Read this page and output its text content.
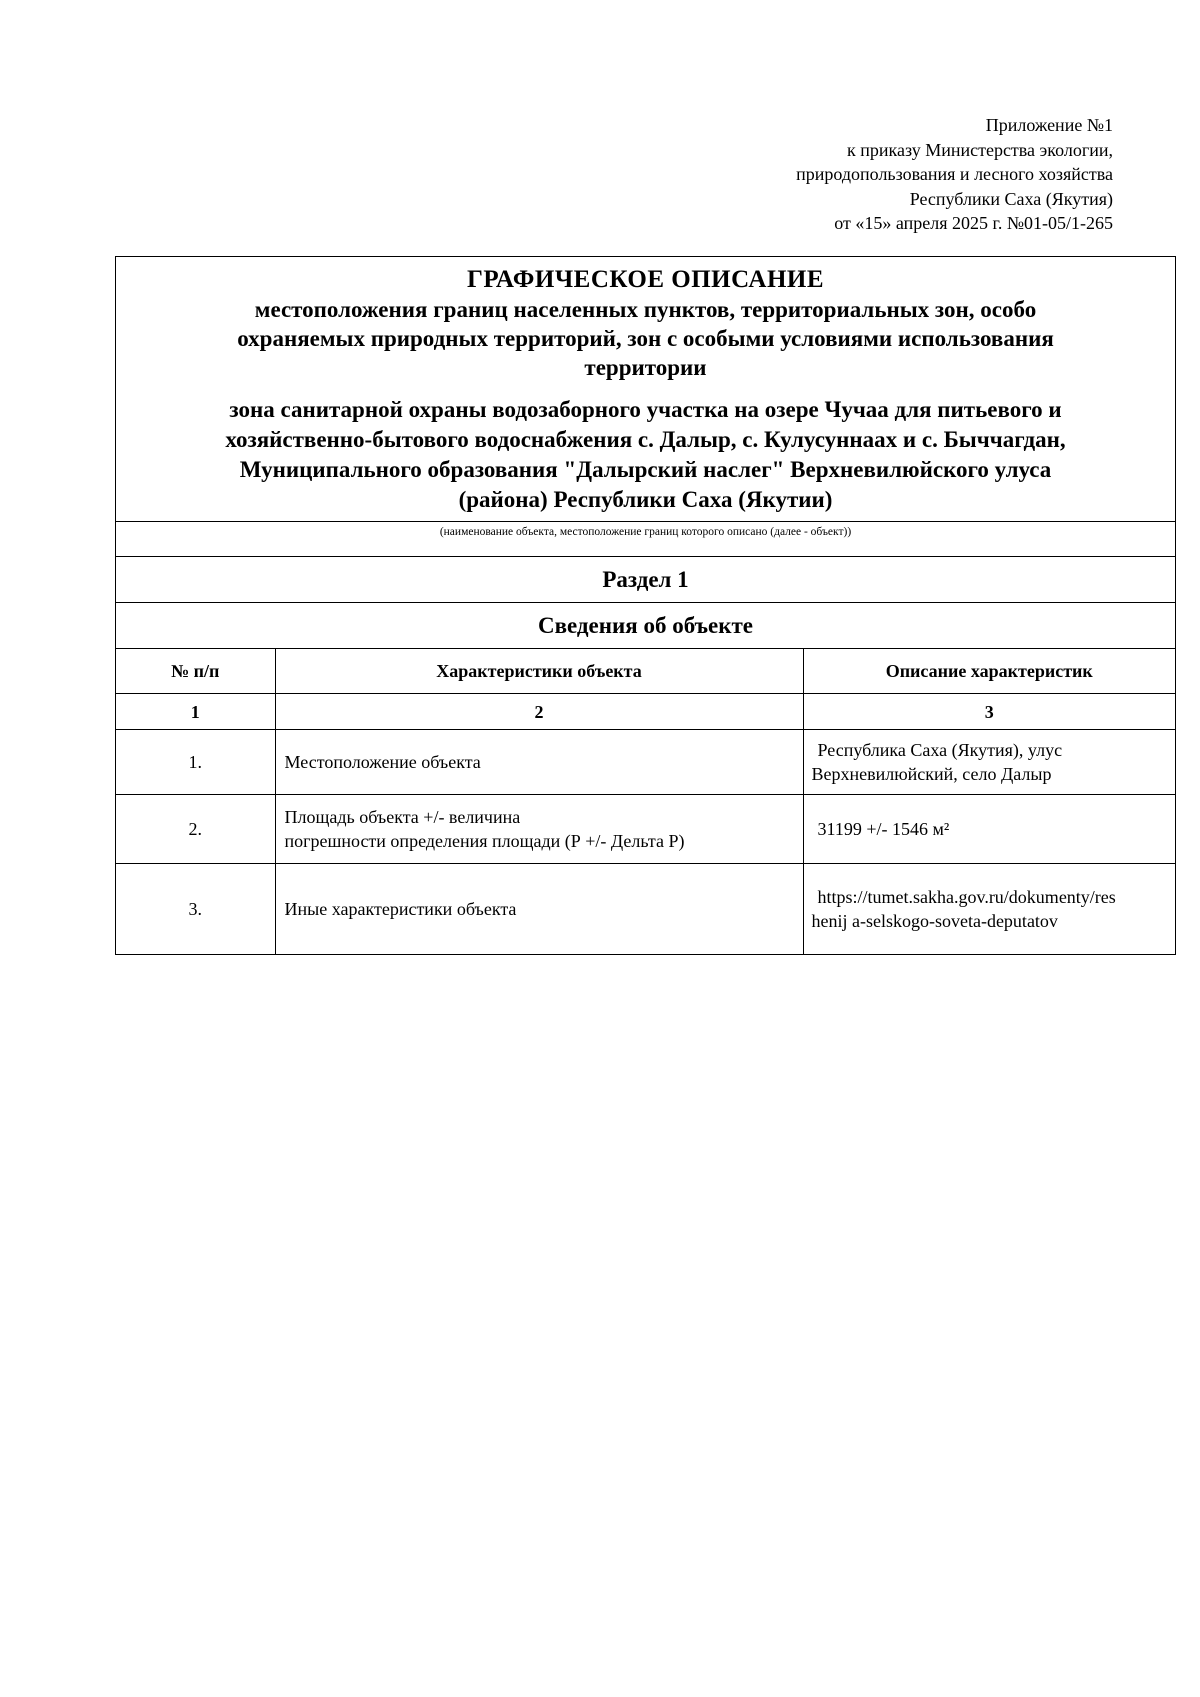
Приложение №1
к приказу Министерства экологии,
природопользования и лесного хозяйства
Республики Саха (Якутия)
от «15» апреля 2025 г. №01-05/1-265
ГРАФИЧЕСКОЕ ОПИСАНИЕ
местоположения границ населенных пунктов, территориальных зон, особо
охраняемых природных территорий, зон с особыми условиями использования
территории
зона санитарной охраны водозаборного участка на озере Чучаа для питьевого и
хозяйственно-бытового водоснабжения с. Далыр, с. Кулусуннаах и с. Быччагдан,
Муниципального образования "Далырский наслег" Верхневилюйского улуса
(района) Республики Саха (Якутии)
(наименование объекта, местоположение границ которого описано (далее - объект))
Раздел 1
Сведения об объекте
№ п/п	Характеристики объекта	Описание характеристик
1	2	3
1.	Местоположение объекта	Республика Саха (Якутия), улус
Верхневилюйский, село Далыр

2.	Площадь объекта +/- величина
погрешности определения площади (Р +/- Дельта Р)	31199 +/- 1546 м²

3.	Иные характеристики объекта	https://tumet.sakha.gov.ru/dokumenty/res
henij a-selskogo-soveta-deputatov
